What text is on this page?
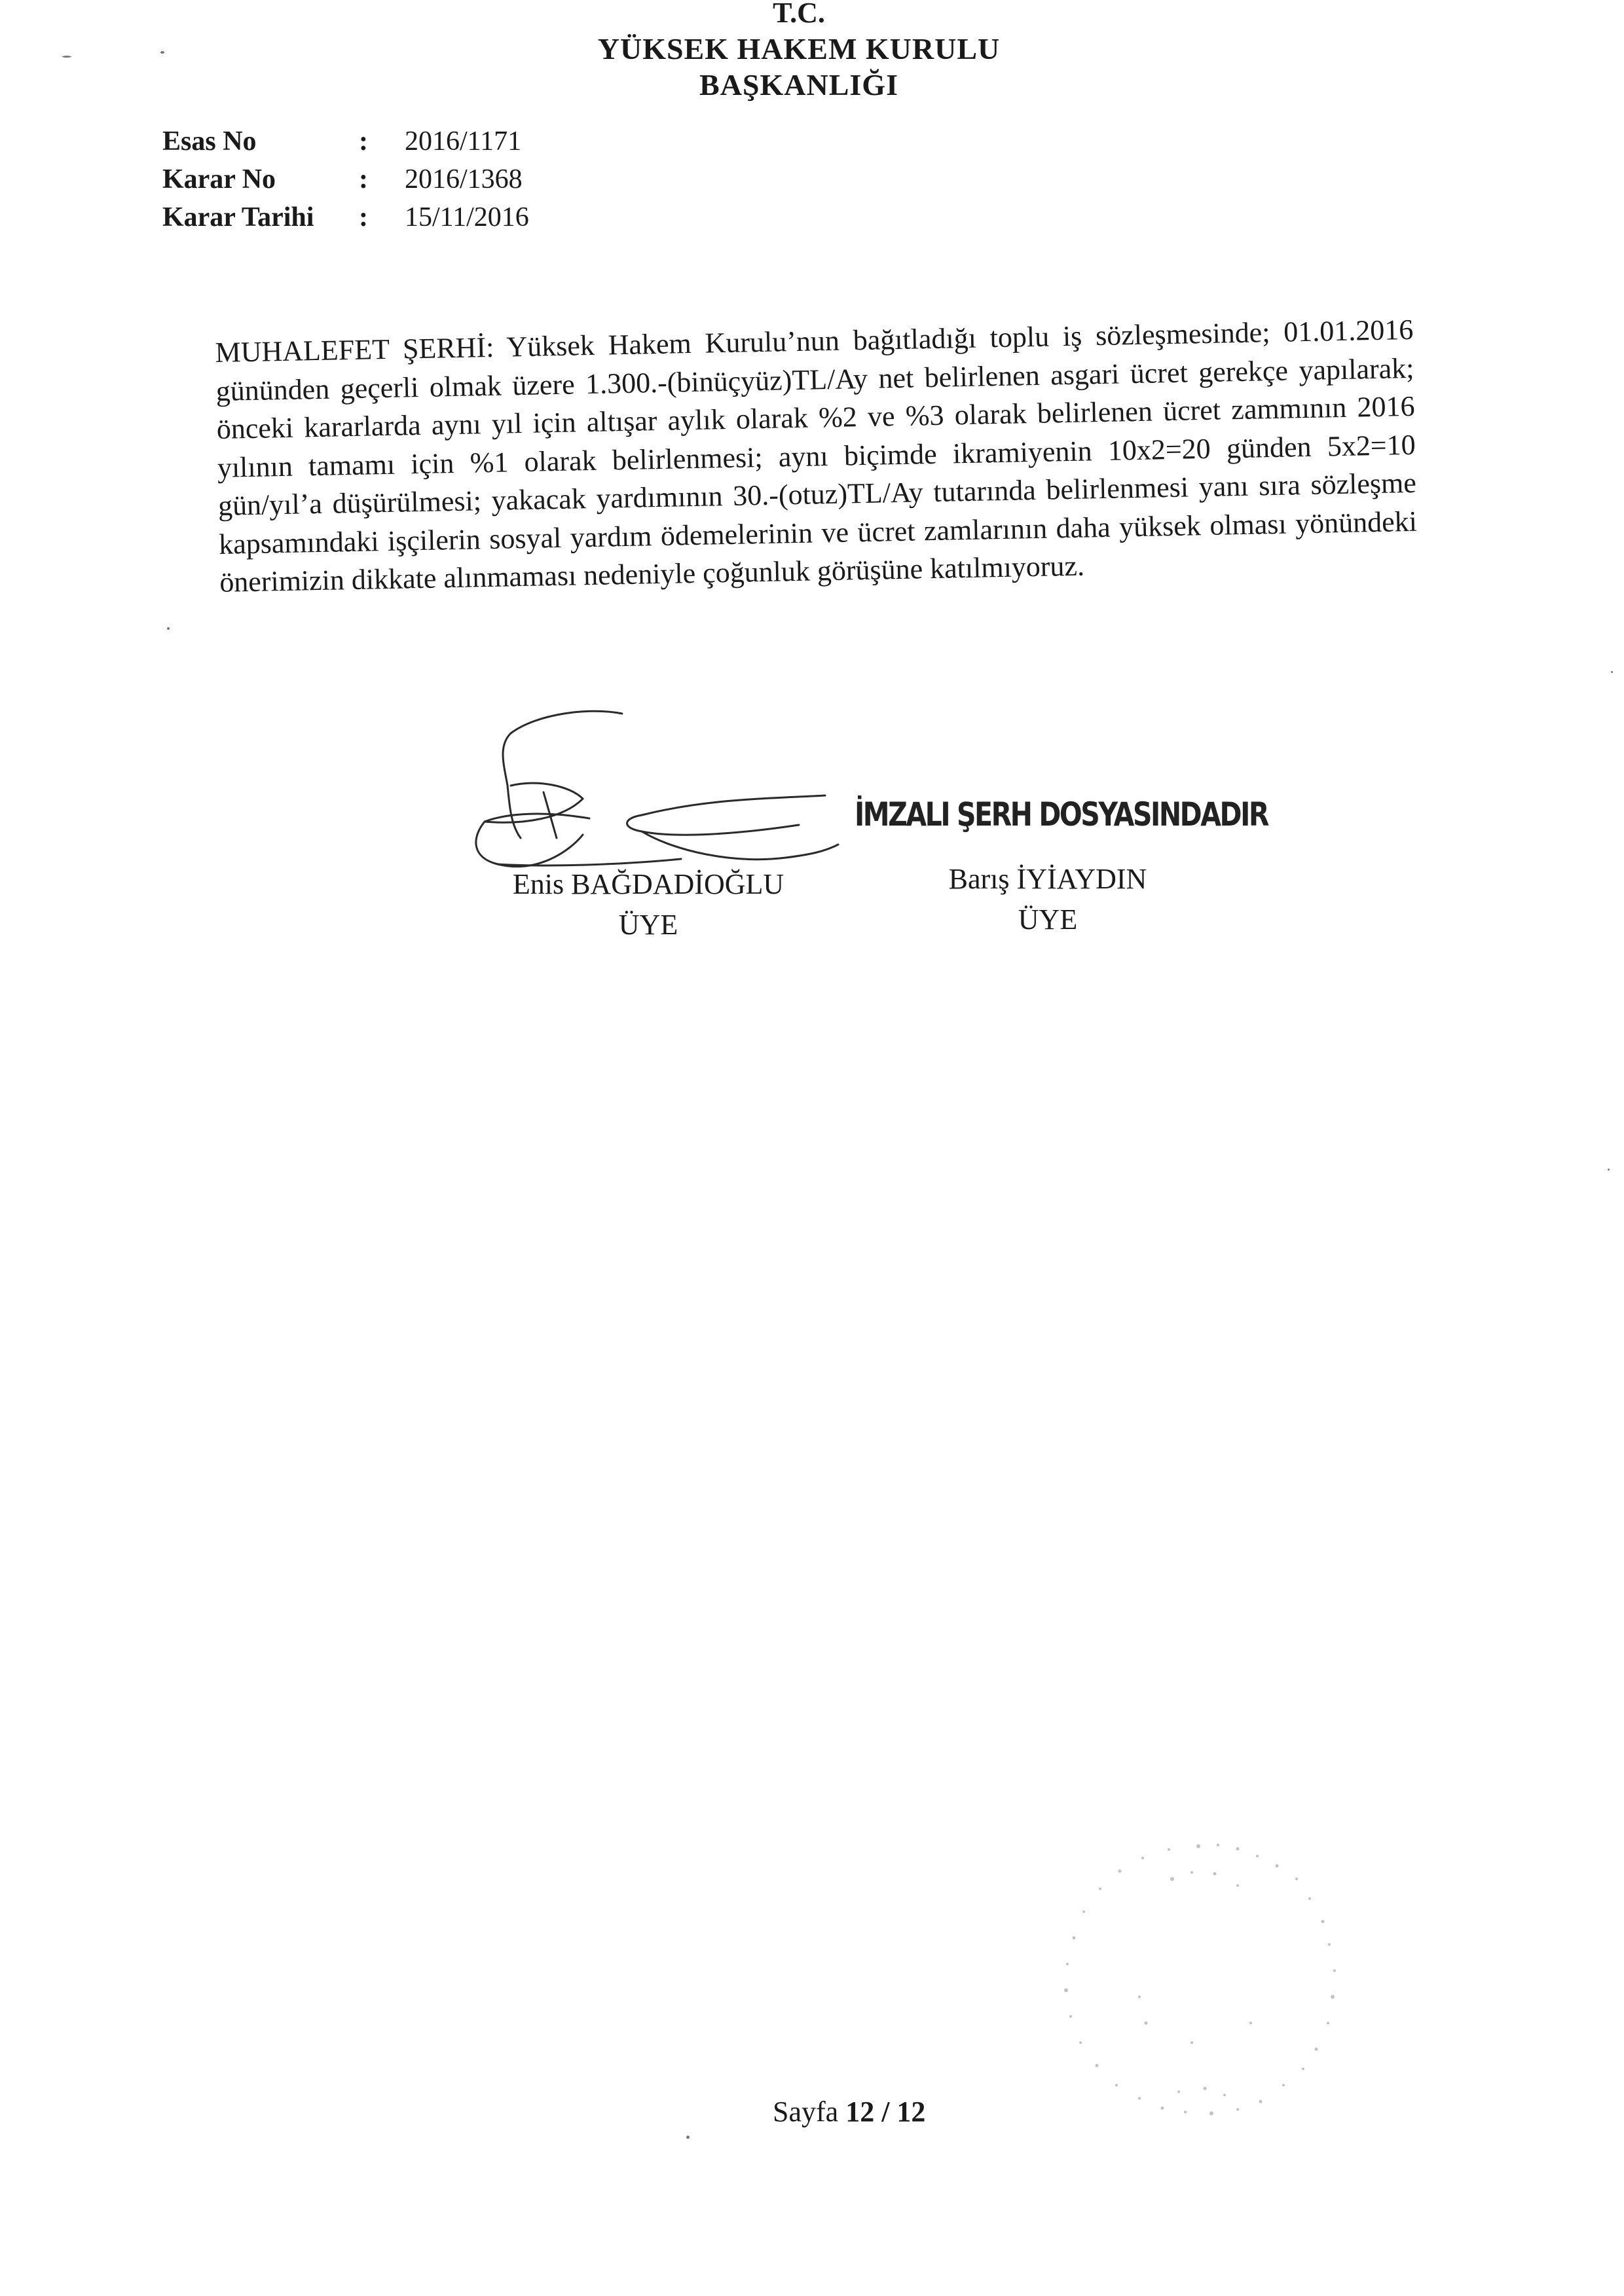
T.C.
YÜKSEK HAKEM KURULU
BAŞKANLIĞI
Esas No	:	2016/1171
Karar No	:	2016/1368
Karar Tarihi	:	15/11/2016
MUHALEFET ŞERHİ: Yüksek Hakem Kurulu’nun bağıtladığı toplu iş sözleşmesinde; 01.01.2016 gününden geçerli olmak üzere 1.300.-(binüçyüz)TL/Ay net belirlenen asgari ücret gerekçe yapılarak; önceki kararlarda aynı yıl için altışar aylık olarak %2 ve %3 olarak belirlenen ücret zammının 2016 yılının tamamı için %1 olarak belirlenmesi; aynı biçimde ikramiyenin 10x2=20 günden 5x2=10 gün/yıl’a düşürülmesi; yakacak yardımının 30.-(otuz)TL/Ay tutarında belirlenmesi yanı sıra sözleşme kapsamındaki işçilerin sosyal yardım ödemelerinin ve ücret zamlarının daha yüksek olması yönündeki önerimizin dikkate alınmaması nedeniyle çoğunluk görüşüne katılmıyoruz.
İMZALI ŞERH DOSYASINDADIR
Enis BAĞDADİOĞLU
ÜYE
Barış İYİAYDIN
ÜYE
Sayfa 12 / 12
